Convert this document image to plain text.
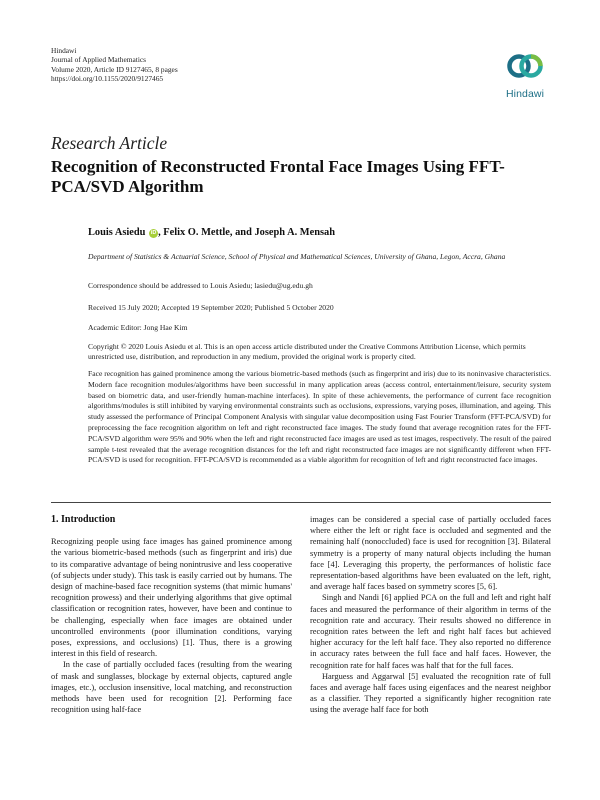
Hindawi
Journal of Applied Mathematics
Volume 2020, Article ID 9127465, 8 pages
https://doi.org/10.1155/2020/9127465
Hindawi
Research Article
Recognition of Reconstructed Frontal Face Images Using FFT-PCA/SVD Algorithm
Louis Asiedu iD , Felix O. Mettle, and Joseph A. Mensah
Department of Statistics & Actuarial Science, School of Physical and Mathematical Sciences, University of Ghana, Legon, Accra, Ghana
Correspondence should be addressed to Louis Asiedu; lasiedu@ug.edu.gh
Received 15 July 2020; Accepted 19 September 2020; Published 5 October 2020
Academic Editor: Jong Hae Kim
Copyright © 2020 Louis Asiedu et al. This is an open access article distributed under the Creative Commons Attribution License, which permits unrestricted use, distribution, and reproduction in any medium, provided the original work is properly cited.

Face recognition has gained prominence among the various biometric-based methods (such as fingerprint and iris) due to its noninvasive characteristics. Modern face recognition modules/algorithms have been successful in many application areas (access control, entertainment/leisure, security system based on biometric data, and user-friendly human-machine interfaces). In spite of these achievements, the performance of current face recognition algorithms/modules is still inhibited by varying environmental constraints such as occlusions, expressions, varying poses, illumination, and ageing. This study assessed the performance of Principal Component Analysis with singular value decomposition using Fast Fourier Transform (FFT-PCA/SVD) for preprocessing the face recognition algorithm on left and right reconstructed face images. The study found that average recognition rates for the FFT-PCA/SVD algorithm were 95% and 90% when the left and right reconstructed face images are used as test images, respectively. The result of the paired sample t-test revealed that the average recognition distances for the left and right reconstructed face images are not significantly different when FFT-PCA/SVD is used for recognition. FFT-PCA/SVD is recommended as a viable algorithm for recognition of left and right reconstructed face images.

1. Introduction

Recognizing people using face images has gained prominence among the various biometric-based methods (such as fingerprint and iris) due to its comparative advantage of being nonintrusive and less cooperative (of subjects under study). This task is easily carried out by humans. The design of machine-based face recognition systems (that mimic humans' recognition prowess) and their underlying algorithms that give optimal classification or recognition rates, however, have been and continue to be challenging, especially when face images are obtained under uncontrolled environments (poor illumination conditions, varying poses, expressions, and occlusions) [1]. Thus, there is a growing interest in this field of research.

In the case of partially occluded faces (resulting from the wearing of mask and sunglasses, blockage by external objects, captured angle images, etc.), occlusion insensitive, local matching, and reconstruction methods have been used for recognition [2]. Performing face recognition using half-face

images can be considered a special case of partially occluded faces where either the left or right face is occluded and segmented and the remaining half (nonoccluded) face is used for recognition [3]. Bilateral symmetry is a property of many natural objects including the human face [4]. Leveraging this property, the performances of holistic face representation-based algorithms have been evaluated on the left, right, and average half faces based on symmetry scores [5, 6].

Singh and Nandi [6] applied PCA on the full and left and right half faces and measured the performance of their algorithm in terms of the recognition rate and accuracy. Their results showed no difference in recognition rates between the left and right half faces but achieved higher accuracy for the left half face. They also reported no difference in accuracy rates between the full face and half faces. However, the recognition rate for half faces was half that for the full faces.

Harguess and Aggarwal [5] evaluated the recognition rate of full faces and average half faces using eigenfaces and the nearest neighbor as a classifier. They reported a significantly higher recognition rate using the average half face for both
